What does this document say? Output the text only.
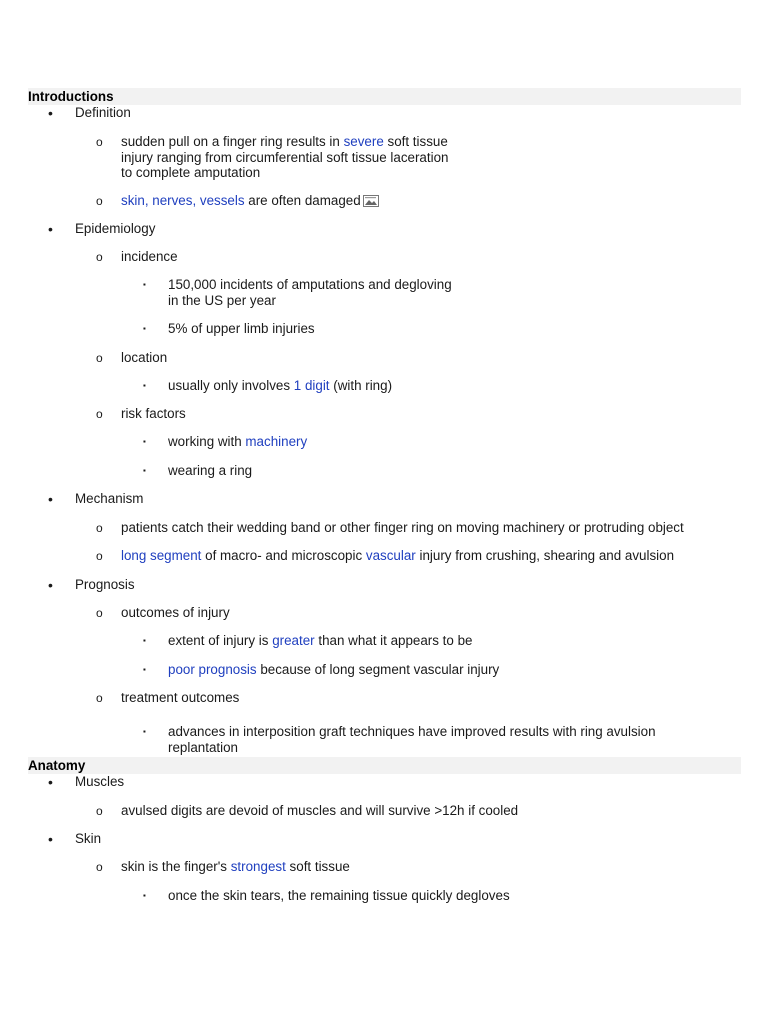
Introductions
•	Definition
o	sudden pull on a finger ring results in severe soft tissue
injury ranging from circumferential soft tissue laceration
to complete amputation
o	skin, nerves, vessels are often damaged
•	Epidemiology
o	incidence
▪	150,000 incidents of amputations and degloving
in the US per year
▪	5% of upper limb injuries
o	location
▪	usually only involves 1 digit (with ring)
o	risk factors
▪	working with machinery
▪	wearing a ring
•	Mechanism
o	patients catch their wedding band or other finger ring on moving machinery or protruding object
o	long segment of macro- and microscopic vascular injury from crushing, shearing and avulsion
•	Prognosis
o	outcomes of injury
▪	extent of injury is greater than what it appears to be
▪	poor prognosis because of long segment vascular injury
o	treatment outcomes
▪	advances in interposition graft techniques have improved results with ring avulsion
replantation
Anatomy
•	Muscles
o	avulsed digits are devoid of muscles and will survive >12h if cooled
•	Skin
o	skin is the finger's strongest soft tissue
▪	once the skin tears, the remaining tissue quickly degloves
